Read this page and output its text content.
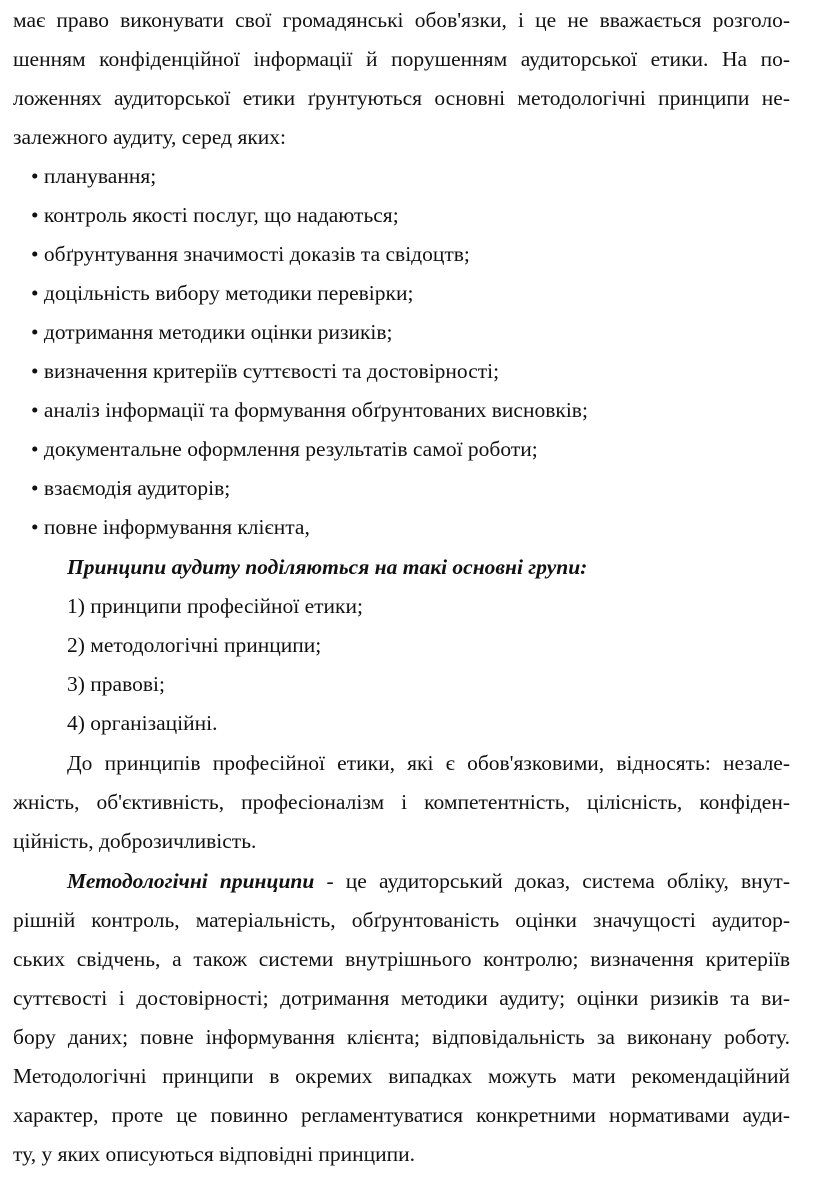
має право виконувати свої громадянські обов'язки, і це не вважається розголо-
шенням конфіденційної інформації й порушенням аудиторської етики. На по-
ложеннях аудиторської етики ґрунтуються основні методологічні принципи не-
залежного аудиту, серед яких:
• планування;
• контроль якості послуг, що надаються;
• обґрунтування значимості доказів та свідоцтв;
• доцільність вибору методики перевірки;
• дотримання методики оцінки ризиків;
• визначення критеріїв суттєвості та достовірності;
• аналіз інформації та формування обґрунтованих висновків;
• документальне оформлення результатів самої роботи;
• взаємодія аудиторів;
• повне інформування клієнта,
Принципи аудиту поділяються на такі основні групи:
1) принципи професійної етики;
2) методологічні принципи;
3) правові;
4) організаційні.
До принципів професійної етики, які є обов'язковими, відносять: незале-
жність, об'єктивність, професіоналізм і компетентність, цілісність, конфіден-
ційність, доброзичливість.
Методологічні принципи - це аудиторський доказ, система обліку, внут-
рішній контроль, матеріальність, обґрунтованість оцінки значущості аудитор-
ських свідчень, а також системи внутрішнього контролю; визначення критеріїв
суттєвості і достовірності; дотримання методики аудиту; оцінки ризиків та ви-
бору даних; повне інформування клієнта; відповідальність за виконану роботу.
Методологічні принципи в окремих випадках можуть мати рекомендаційний
характер, проте це повинно регламентуватися конкретними нормативами ауди-
ту, у яких описуються відповідні принципи.
